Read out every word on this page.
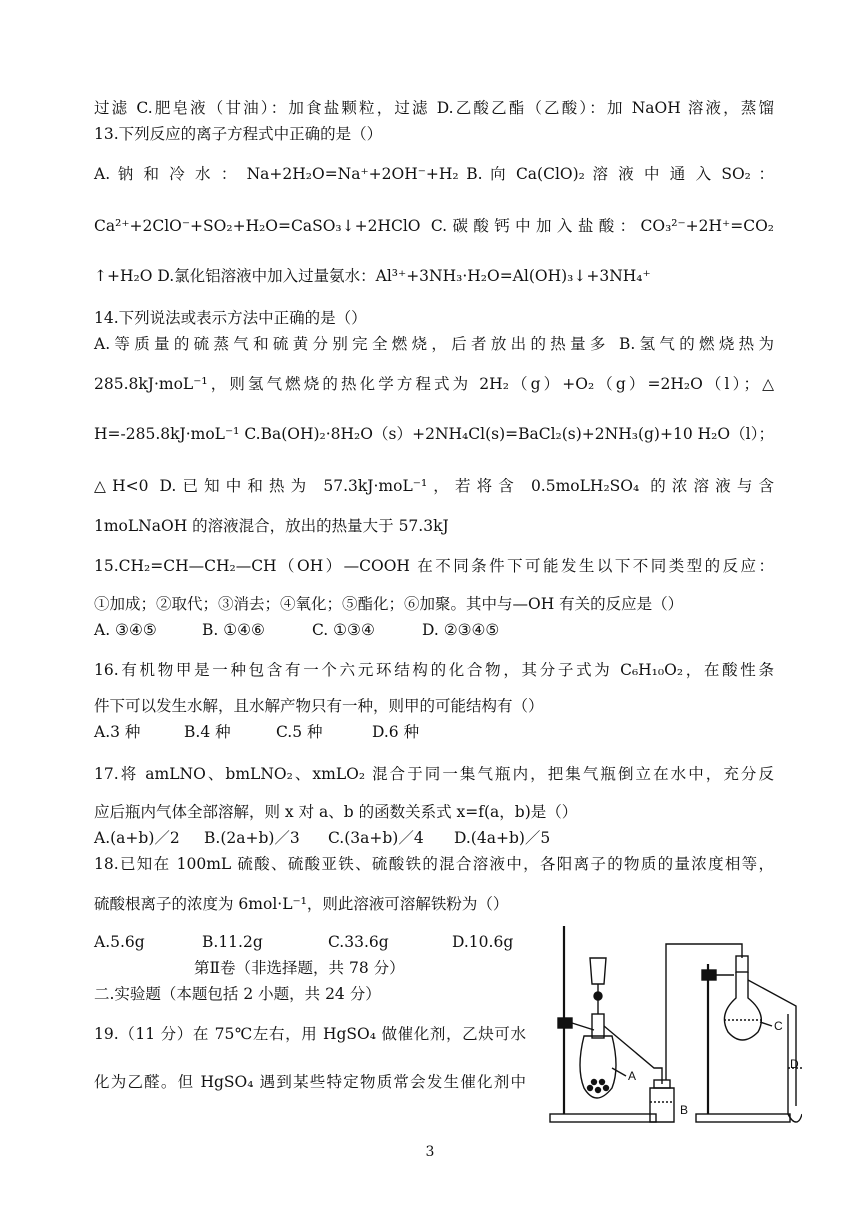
过滤 C.肥皂液（甘油）：加食盐颗粒，过滤 D.乙酸乙酯（乙酸）：加 NaOH 溶液，蒸馏
13.下列反应的离子方程式中正确的是（）
A. 钠 和 冷 水 ： Na+2H₂O=Na⁺+2OH⁻+H₂ B. 向 Ca(ClO)₂ 溶 液 中 通 入 SO₂ ：
Ca²⁺+2ClO⁻+SO₂+H₂O=CaSO₃↓+2HClO C.碳酸钙中加入盐酸：CO₃²⁻+2H⁺=CO₂
↑+H₂O D.氯化铝溶液中加入过量氨水：Al³⁺+3NH₃·H₂O=Al(OH)₃↓+3NH₄⁺
14.下列说法或表示方法中正确的是（）
A.等质量的硫蒸气和硫黄分别完全燃烧，后者放出的热量多 B.氢气的燃烧热为
285.8kJ·moL⁻¹，则氢气燃烧的热化学方程式为 2H₂（g）+O₂（g）=2H₂O（l）；△
H=-285.8kJ·moL⁻¹ C.Ba(OH)₂·8H₂O（s）+2NH₄Cl(s)=BaCl₂(s)+2NH₃(g)+10 H₂O（l）；
△H<0 D.已知中和热为 57.3kJ·moL⁻¹，若将含 0.5moLH₂SO₄ 的浓溶液与含
1moLNaOH 的溶液混合，放出的热量大于 57.3kJ
15.CH₂=CH—CH₂—CH（OH）—COOH 在不同条件下可能发生以下不同类型的反应：
①加成；②取代；③消去；④氧化；⑤酯化；⑥加聚。其中与—OH 有关的反应是（）
A. ③④⑤	B. ①④⑥	C. ①③④	D. ②③④⑤
16.有机物甲是一种包含有一个六元环结构的化合物，其分子式为 C₆H₁₀O₂，在酸性条
件下可以发生水解，且水解产物只有一种，则甲的可能结构有（）
A.3 种	B.4 种	C.5 种	D.6 种
17.将 amLNO、bmLNO₂、xmLO₂ 混合于同一集气瓶内，把集气瓶倒立在水中，充分反
应后瓶内气体全部溶解，则 x 对 a、b 的函数关系式 x=f(a，b)是（）
A.(a+b)／2	B.(2a+b)／3	C.(3a+b)／4	D.(4a+b)／5
18.已知在 100mL 硫酸、硫酸亚铁、硫酸铁的混合溶液中，各阳离子的物质的量浓度相等，
硫酸根离子的浓度为 6mol·L⁻¹，则此溶液可溶解铁粉为（）
A.5.6g	B.11.2g	C.33.6g	D.10.6g
第Ⅱ卷（非选择题，共 78 分）
二.实验题（本题包括 2 小题，共 24 分）
19.（11 分）在 75℃左右，用 HgSO₄ 做催化剂，乙炔可水
化为乙醛。但 HgSO₄ 遇到某些特定物质常会发生催化剂中	A
B
C
D
3
